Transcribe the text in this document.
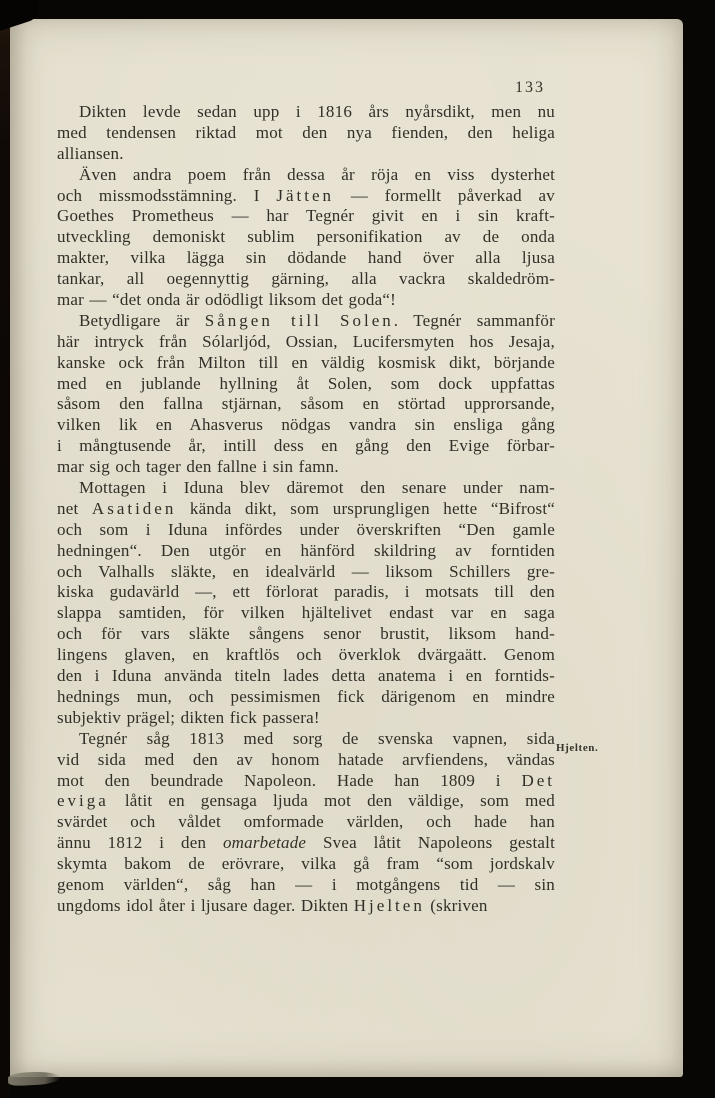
133
Dikten levde sedan upp i 1816 års nyårsdikt, men nu
med tendensen riktad mot den nya fienden, den heliga
alliansen.
Även andra poem från dessa år röja en viss dysterhet
och missmodsstämning. I Jätten — formellt påverkad av
Goethes Prometheus — har Tegnér givit en i sin kraft-
utveckling demoniskt sublim personifikation av de onda
makter, vilka lägga sin dödande hand över alla ljusa
tankar, all oegennyttig gärning, alla vackra skaldedröm-
mar — “det onda är odödligt liksom det goda“!
Betydligare är Sången till Solen. Tegnér sammanför
här intryck från Sólarljód, Ossian, Lucifersmyten hos Jesaja,
kanske ock från Milton till en väldig kosmisk dikt, börjande
med en jublande hyllning åt Solen, som dock uppfattas
såsom den fallna stjärnan, såsom en störtad upprorsande,
vilken lik en Ahasverus nödgas vandra sin ensliga gång
i mångtusende år, intill dess en gång den Evige förbar-
mar sig och tager den fallne i sin famn.
Mottagen i Iduna blev däremot den senare under nam-
net Asatiden kända dikt, som ursprungligen hette “Bifrost“
och som i Iduna infördes under överskriften “Den gamle
hedningen“. Den utgör en hänförd skildring av forntiden
och Valhalls släkte, en idealvärld — liksom Schillers gre-
kiska gudavärld —, ett förlorat paradis, i motsats till den
slappa samtiden, för vilken hjältelivet endast var en saga
och för vars släkte sångens senor brustit, liksom hand-
lingens glaven, en kraftlös och överklok dvärgaätt. Genom
den i Iduna använda titeln lades detta anatema i en forntids-
hednings mun, och pessimismen fick därigenom en mindre
subjektiv prägel; dikten fick passera!
Tegnér såg 1813 med sorg de svenska vapnen, sida
vid sida med den av honom hatade arvfiendens, vändas
mot den beundrade Napoleon. Hade han 1809 i Det
eviga låtit en gensaga ljuda mot den väldige, som med
svärdet och våldet omformade världen, och hade han
ännu 1812 i den omarbetade Svea låtit Napoleons gestalt
skymta bakom de erövrare, vilka gå fram “som jordskalv
genom världen“, såg han — i motgångens tid — sin
ungdoms idol åter i ljusare dager. Dikten Hjelten (skriven
Hjelten.
